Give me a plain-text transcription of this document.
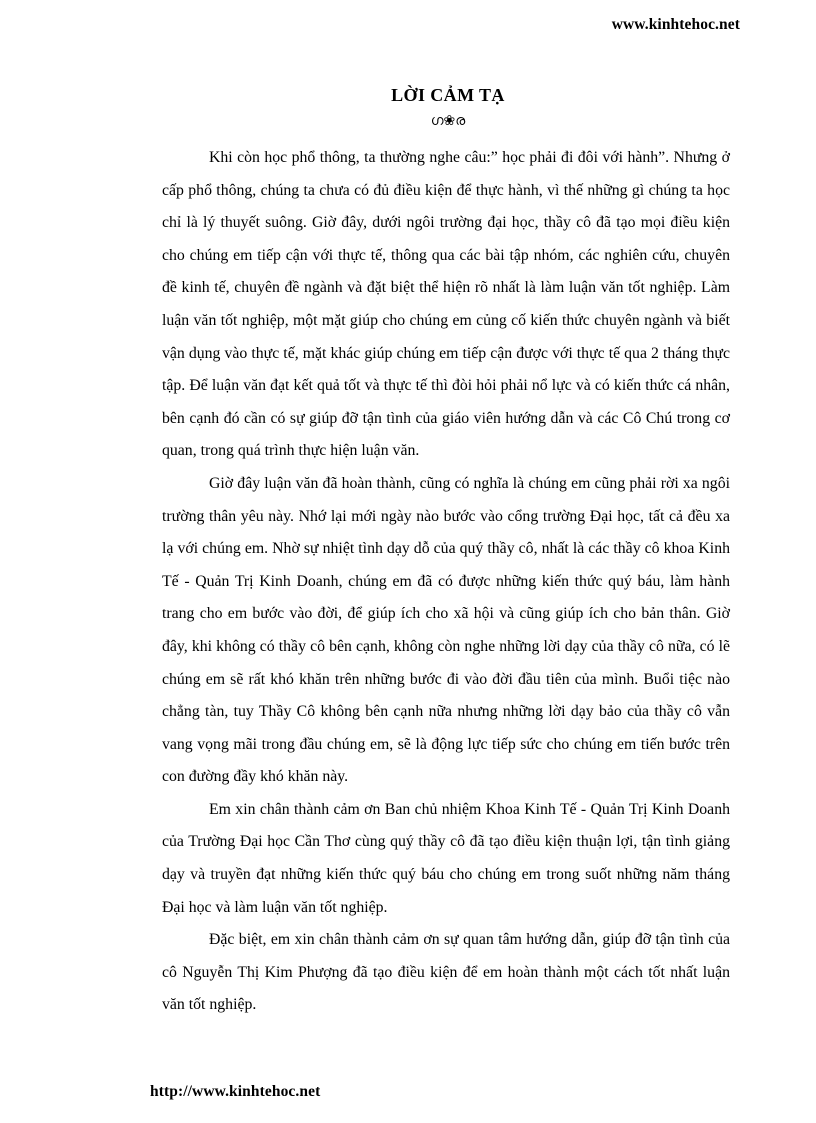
www.kinhtehoc.net
LỜI CẢM TẠ
ഗ❀ര

Khi còn học phổ thông, ta thường nghe câu:” học phải đi đôi với hành”. Nhưng ở cấp phổ thông, chúng ta chưa có đủ điều kiện để thực hành, vì thế những gì chúng ta học chỉ là lý thuyết suông. Giờ đây, dưới ngôi trường đại học, thầy cô đã tạo mọi điều kiện cho chúng em tiếp cận với thực tế, thông qua các bài tập nhóm, các nghiên cứu, chuyên đề kinh tế, chuyên đề ngành và đặt biệt thể hiện rõ nhất là làm luận văn tốt nghiệp. Làm luận văn tốt nghiệp, một mặt giúp cho chúng em củng cố kiến thức chuyên ngành và biết vận dụng vào thực tế, mặt khác giúp chúng em tiếp cận được với thực tế qua 2 tháng thực tập. Để luận văn đạt kết quả tốt và thực tế thì đòi hỏi phải nổ lực và có kiến thức cá nhân, bên cạnh đó cần có sự giúp đỡ tận tình của giáo viên hướng dẫn và các Cô Chú trong cơ quan, trong quá trình thực hiện luận văn.

Giờ đây luận văn đã hoàn thành, cũng có nghĩa là chúng em cũng phải rời xa ngôi trường thân yêu này. Nhớ lại mới ngày nào bước vào cổng trường Đại học, tất cả đều xa lạ với chúng em. Nhờ sự nhiệt tình dạy dỗ của quý thầy cô, nhất là các thầy cô khoa Kinh Tế - Quản Trị Kinh Doanh, chúng em đã có được những kiến thức quý báu, làm hành trang cho em bước vào đời, để giúp ích cho xã hội và cũng giúp ích cho bản thân. Giờ đây, khi không có thầy cô bên cạnh, không còn nghe những lời dạy của thầy cô nữa, có lẽ chúng em sẽ rất khó khăn trên những bước đi vào đời đầu tiên của mình. Buổi tiệc nào chẳng tàn, tuy Thầy Cô không bên cạnh nữa nhưng những lời dạy bảo của thầy cô vẫn vang vọng mãi trong đầu chúng em, sẽ là động lực tiếp sức cho chúng em tiến bước trên con đường đầy khó khăn này.

Em xin chân thành cảm ơn Ban chủ nhiệm Khoa Kinh Tế - Quản Trị Kinh Doanh của Trường Đại học Cần Thơ cùng quý thầy cô đã tạo điều kiện thuận lợi, tận tình giảng dạy và truyền đạt những kiến thức quý báu cho chúng em trong suốt những năm tháng Đại học và làm luận văn tốt nghiệp.

Đặc biệt, em xin chân thành cảm ơn sự quan tâm hướng dẫn, giúp đỡ tận tình của cô Nguyễn Thị Kim Phượng đã tạo điều kiện để em hoàn thành một cách tốt nhất luận văn tốt nghiệp.

http://www.kinhtehoc.net
